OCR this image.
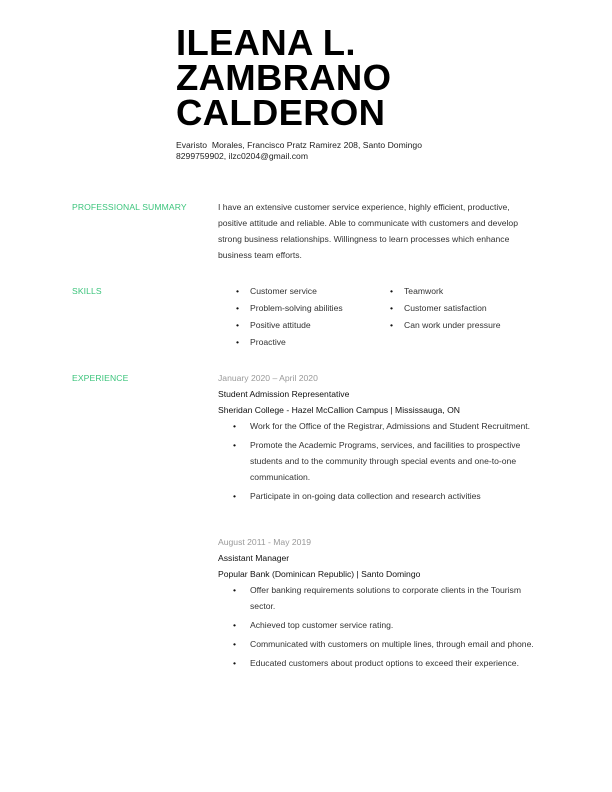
ILEANA L.
ZAMBRANO
CALDERON
Evaristo  Morales, Francisco Pratz Ramirez 208, Santo Domingo
8299759902, ilzc0204@gmail.com
PROFESSIONAL SUMMARY	I have an extensive customer service experience, highly efficient, productive, positive attitude and reliable. Able to communicate with customers and develop strong business relationships. Willingness to learn processes which enhance business team efforts.
SKILLS	• Customer service
• Problem-solving abilities
• Positive attitude
• Proactive
• Teamwork
• Customer satisfaction
• Can work under pressure
EXPERIENCE	January 2020 – April 2020
Student Admission Representative
Sheridan College - Hazel McCallion Campus | Mississauga, ON
• Work for the Office of the Registrar, Admissions and Student Recruitment.
• Promote the Academic Programs, services, and facilities to prospective students and to the community through special events and one-to-one communication.
• Participate in on-going data collection and research activities
August 2011 - May 2019
Assistant Manager
Popular Bank (Dominican Republic) | Santo Domingo
• Offer banking requirements solutions to corporate clients in the Tourism sector.
• Achieved top customer service rating.
• Communicated with customers on multiple lines, through email and phone.
• Educated customers about product options to exceed their experience.
